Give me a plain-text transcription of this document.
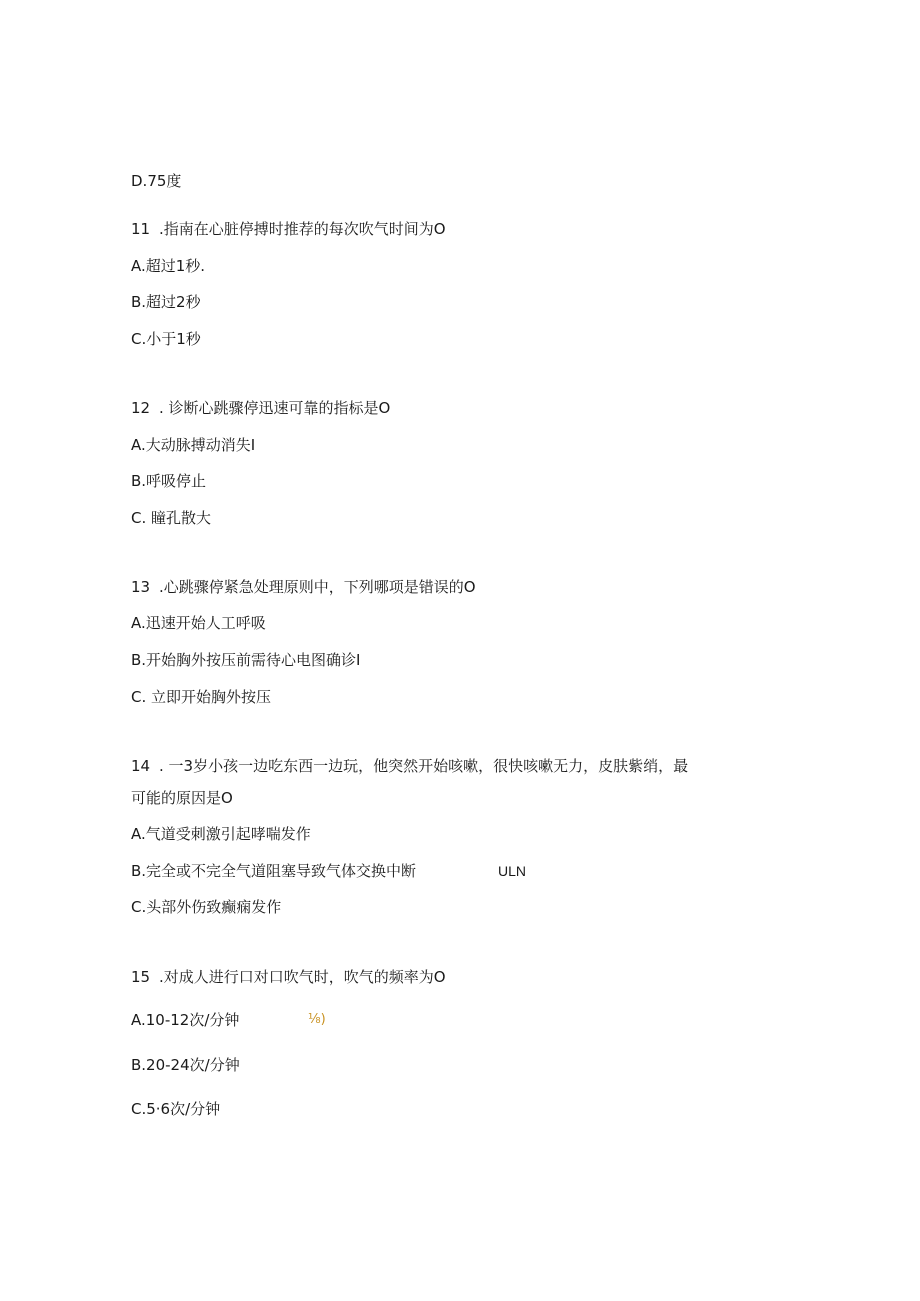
D.75度
11 .指南在心脏停搏时推荐的每次吹气时间为O
A.超过1秒.
B.超过2秒
C.小于1秒
12 . 诊断心跳骤停迅速可靠的指标是O
A.大动脉搏动消失I
B.呼吸停止
C. 瞳孔散大
13 .心跳骤停紧急处理原则中，下列哪项是错误的O
A.迅速开始人工呼吸
B.开始胸外按压前需待心电图确诊I
C. 立即开始胸外按压
14 . 一3岁小孩一边吃东西一边玩，他突然开始咳嗽，很快咳嗽无力，皮肤紫绡，最
可能的原因是O
A.气道受刺激引起哮喘发作
B.完全或不完全气道阻塞导致气体交换中断	ULN
C.头部外伤致癫痫发作
15 .对成人进行口对口吹气时，吹气的频率为O
A.10-12次/分钟	⅛)
B.20-24次/分钟
C.5·6次/分钟
